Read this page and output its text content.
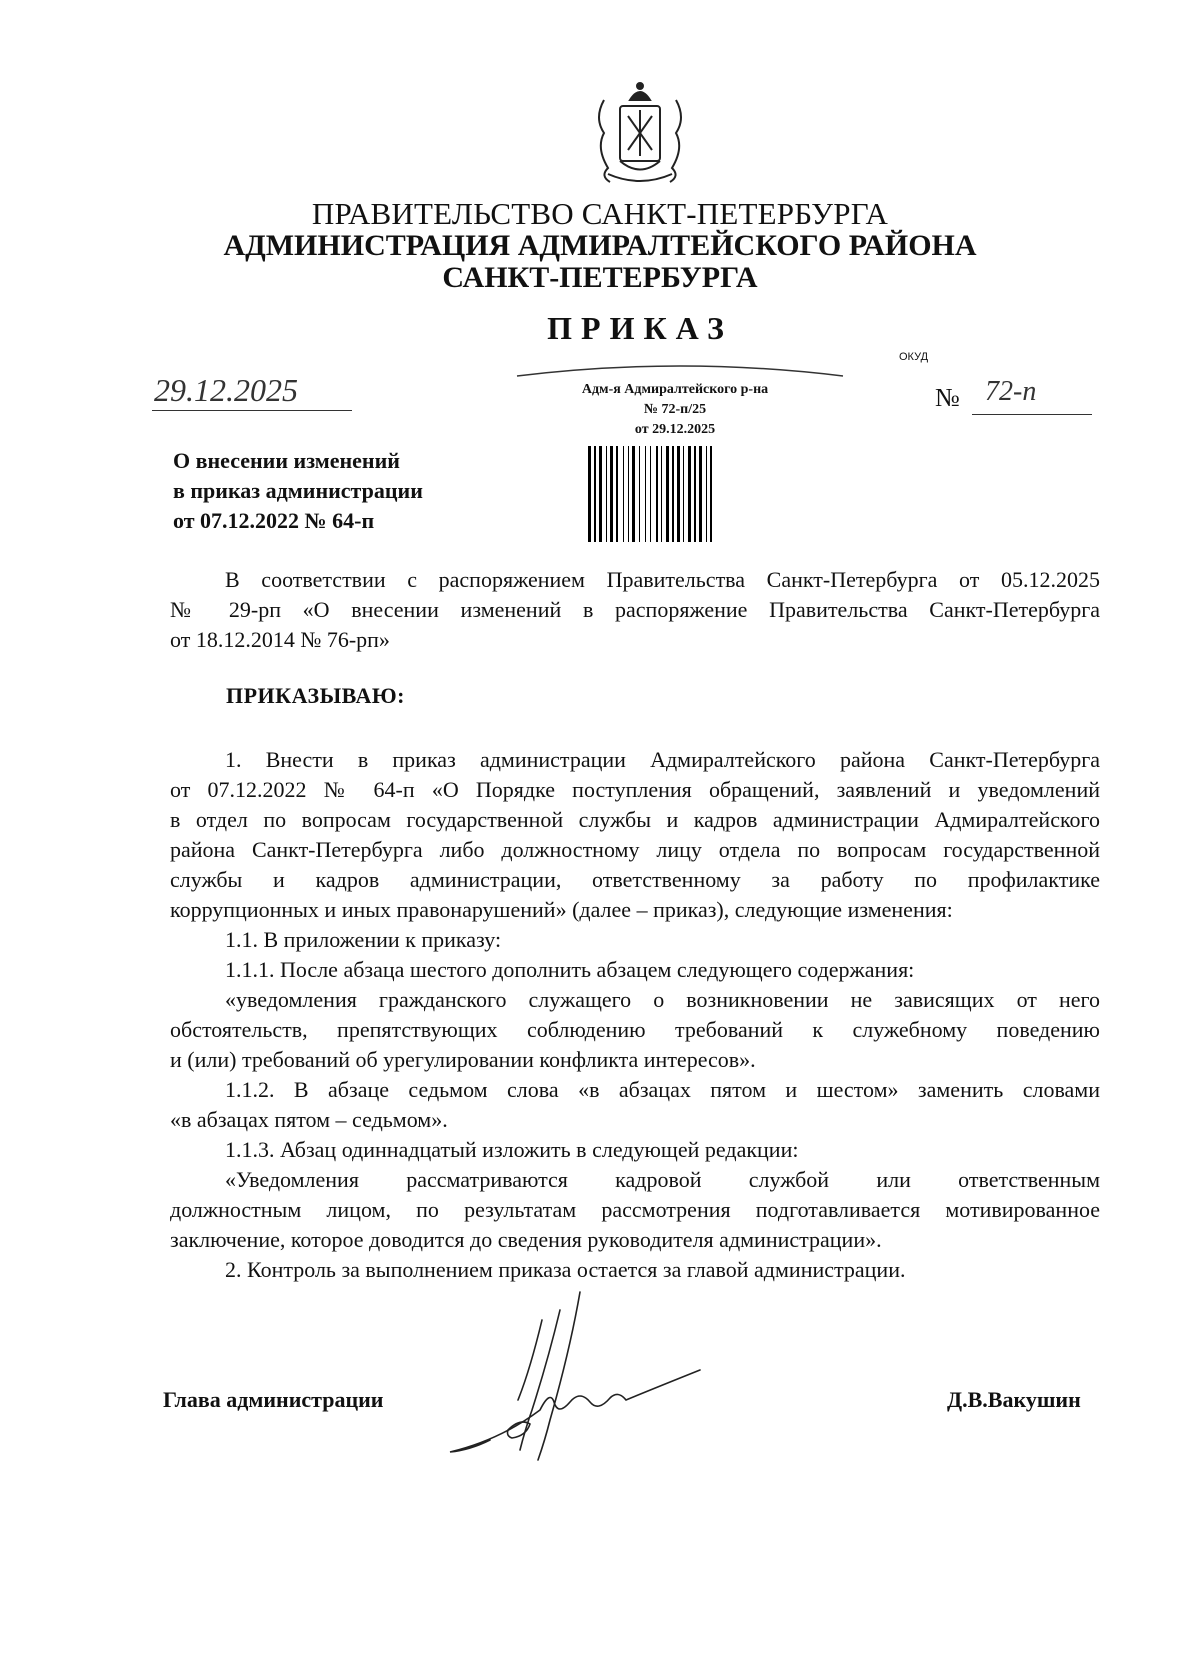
ПРАВИТЕЛЬСТВО САНКТ-ПЕТЕРБУРГА
АДМИНИСТРАЦИЯ АДМИРАЛТЕЙСКОГО РАЙОНА
САНКТ-ПЕТЕРБУРГА
ПРИКАЗ
ОКУД
29.12.2025	№ 72-п
Адм-я Адмиралтейского р-на
№ 72-п/25
от 29.12.2025
О внесении изменений
в приказ администрации
от 07.12.2022 № 64-п
В соответствии с распоряжением Правительства Санкт-Петербурга от 05.12.2025
№ 29-рп «О внесении изменений в распоряжение Правительства Санкт-Петербурга
от 18.12.2014 № 76-рп»
ПРИКАЗЫВАЮ:
1. Внести в приказ администрации Адмиралтейского района Санкт-Петербурга
от 07.12.2022 № 64-п «О Порядке поступления обращений, заявлений и уведомлений
в отдел по вопросам государственной службы и кадров администрации Адмиралтейского
района Санкт-Петербурга либо должностному лицу отдела по вопросам государственной
службы и кадров администрации, ответственному за работу по профилактике
коррупционных и иных правонарушений» (далее – приказ), следующие изменения:
1.1. В приложении к приказу:
1.1.1. После абзаца шестого дополнить абзацем следующего содержания:
«уведомления гражданского служащего о возникновении не зависящих от него
обстоятельств, препятствующих соблюдению требований к служебному поведению
и (или) требований об урегулировании конфликта интересов».
1.1.2. В абзаце седьмом слова «в абзацах пятом и шестом» заменить словами
«в абзацах пятом – седьмом».
1.1.3. Абзац одиннадцатый изложить в следующей редакции:
«Уведомления рассматриваются кадровой службой или ответственным
должностным лицом, по результатам рассмотрения подготавливается мотивированное
заключение, которое доводится до сведения руководителя администрации».
2. Контроль за выполнением приказа остается за главой администрации.
Глава администрации	Д.В.Вакушин
